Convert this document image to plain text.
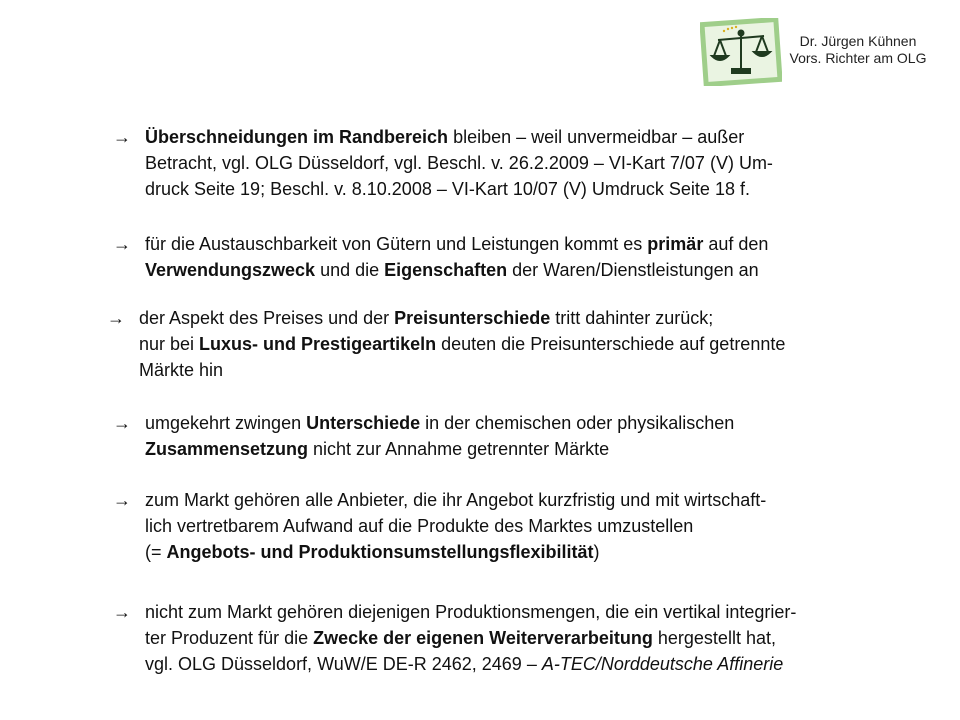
Dr. Jürgen Kühnen
Vors. Richter am OLG
→ Überschneidungen im Randbereich bleiben – weil unvermeidbar – außer
Betracht, vgl. OLG Düsseldorf, vgl. Beschl. v. 26.2.2009 – VI-Kart 7/07 (V) Um-
druck Seite 19; Beschl. v. 8.10.2008 – VI-Kart 10/07 (V) Umdruck Seite 18 f.
→ für die Austauschbarkeit von Gütern und Leistungen kommt es primär auf den
Verwendungszweck und die Eigenschaften der Waren/Dienstleistungen an
→ der Aspekt des Preises und der Preisunterschiede tritt dahinter zurück;
nur bei Luxus- und Prestigeartikeln deuten die Preisunterschiede auf getrennte
Märkte hin
→ umgekehrt zwingen Unterschiede in der chemischen oder physikalischen
Zusammensetzung nicht zur Annahme getrennter Märkte
→ zum Markt gehören alle Anbieter, die ihr Angebot kurzfristig und mit wirtschaft-
lich vertretbarem Aufwand auf die Produkte des Marktes umzustellen
(= Angebots- und Produktionsumstellungsflexibilität)
→ nicht zum Markt gehören diejenigen Produktionsmengen, die ein vertikal integrier-
ter Produzent für die Zwecke der eigenen Weiterverarbeitung hergestellt hat,
vgl. OLG Düsseldorf, WuW/E DE-R 2462, 2469 – A-TEC/Norddeutsche Affinerie
